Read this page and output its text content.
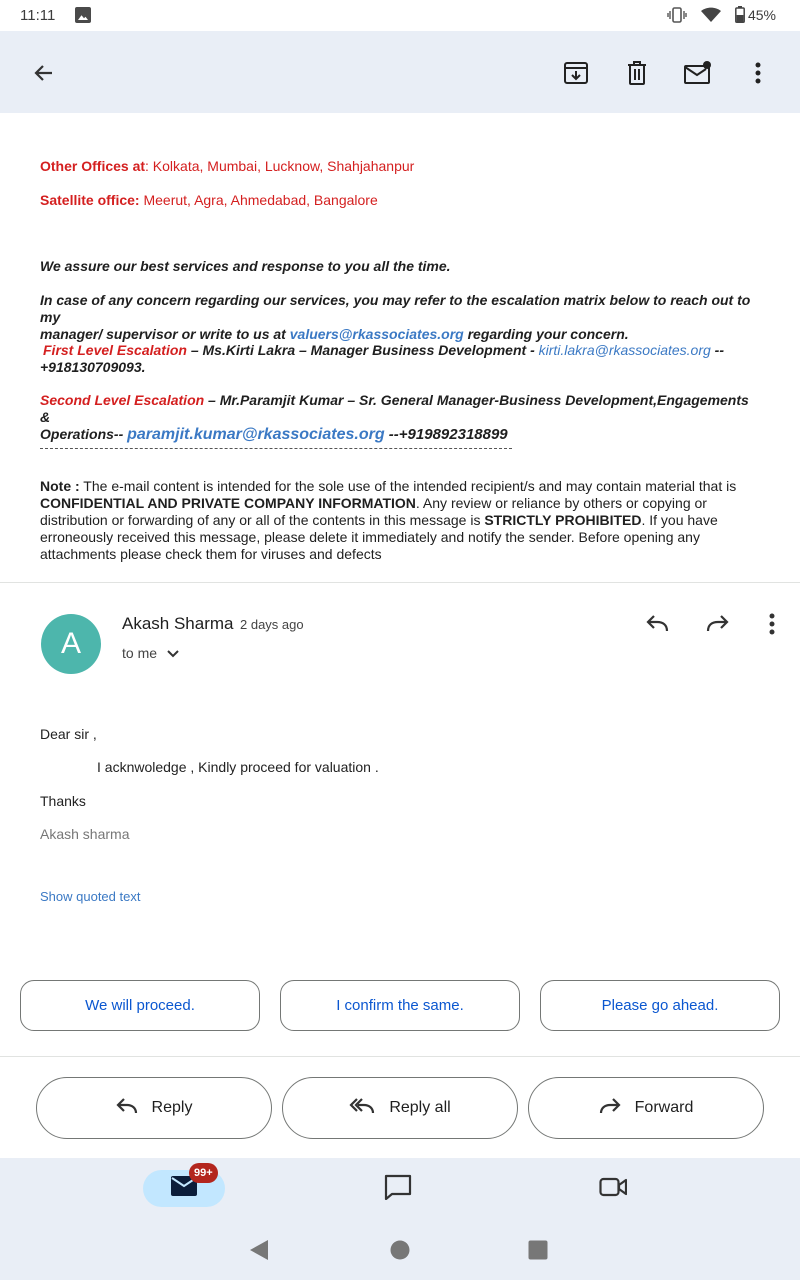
11:11	45%
Other Offices at: Kolkata, Mumbai, Lucknow, Shahjahanpur
Satellite office: Meerut, Agra, Ahmedabad, Bangalore
We assure our best services and response to you all the time.
In case of any concern regarding our services, you may refer to the escalation matrix below to reach out to my
manager/ supervisor or write to us at valuers@rkassociates.org regarding your concern.
First Level Escalation – Ms.Kirti Lakra – Manager Business Development - kirti.lakra@rkassociates.org --
+918130709093.
Second Level Escalation – Mr.Paramjit Kumar – Sr. General Manager-Business Development,Engagements &
Operations-- paramjit.kumar@rkassociates.org --+919892318899
Note : The e-mail content is intended for the sole use of the intended recipient/s and may contain material that is
CONFIDENTIAL AND PRIVATE COMPANY INFORMATION. Any review or reliance by others or copying or
distribution or forwarding of any or all of the contents in this message is STRICTLY PROHIBITED. If you have
erroneously received this message, please delete it immediately and notify the sender. Before opening any
attachments please check them for viruses and defects
A
Akash Sharma 2 days ago
to me
Dear sir ,
I acknwoledge , Kindly proceed for valuation .
Thanks
Akash sharma
Show quoted text
We will proceed.	I confirm the same.	Please go ahead.
Reply	Reply all	Forward
99+
